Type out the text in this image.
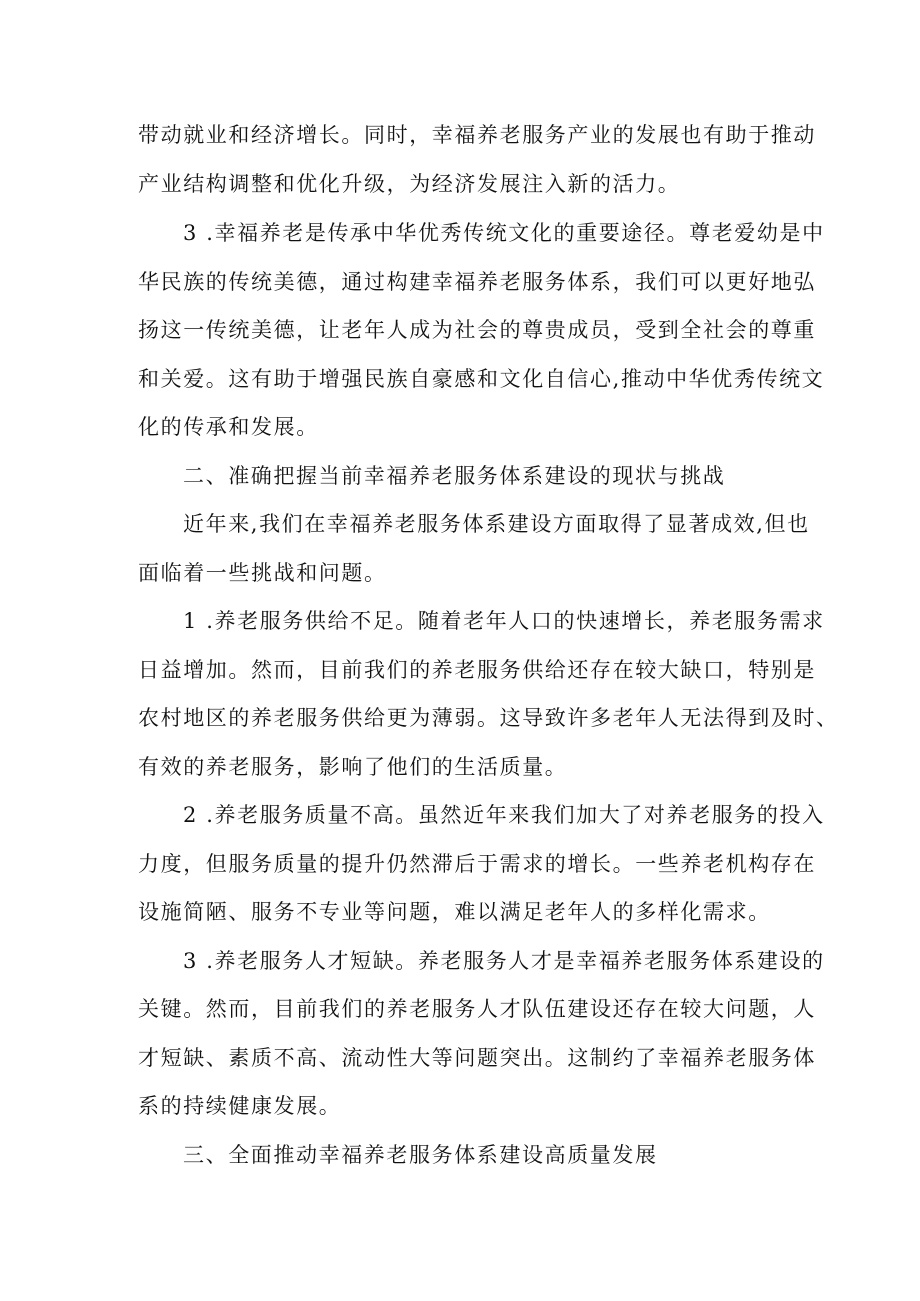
带动就业和经济增长。同时，幸福养老服务产业的发展也有助于推动
产业结构调整和优化升级，为经济发展注入新的活力。
3 .幸福养老是传承中华优秀传统文化的重要途径。尊老爱幼是中
华民族的传统美德，通过构建幸福养老服务体系，我们可以更好地弘
扬这一传统美德，让老年人成为社会的尊贵成员，受到全社会的尊重
和关爱。这有助于增强民族自豪感和文化自信心,推动中华优秀传统文
化的传承和发展。
二、准确把握当前幸福养老服务体系建设的现状与挑战
近年来,我们在幸福养老服务体系建设方面取得了显著成效,但也
面临着一些挑战和问题。
1 .养老服务供给不足。随着老年人口的快速增长，养老服务需求
日益增加。然而，目前我们的养老服务供给还存在较大缺口，特别是
农村地区的养老服务供给更为薄弱。这导致许多老年人无法得到及时、
有效的养老服务，影响了他们的生活质量。
2 .养老服务质量不高。虽然近年来我们加大了对养老服务的投入
力度，但服务质量的提升仍然滞后于需求的增长。一些养老机构存在
设施简陋、服务不专业等问题，难以满足老年人的多样化需求。
3 .养老服务人才短缺。养老服务人才是幸福养老服务体系建设的
关键。然而，目前我们的养老服务人才队伍建设还存在较大问题，人
才短缺、素质不高、流动性大等问题突出。这制约了幸福养老服务体
系的持续健康发展。
三、全面推动幸福养老服务体系建设高质量发展
